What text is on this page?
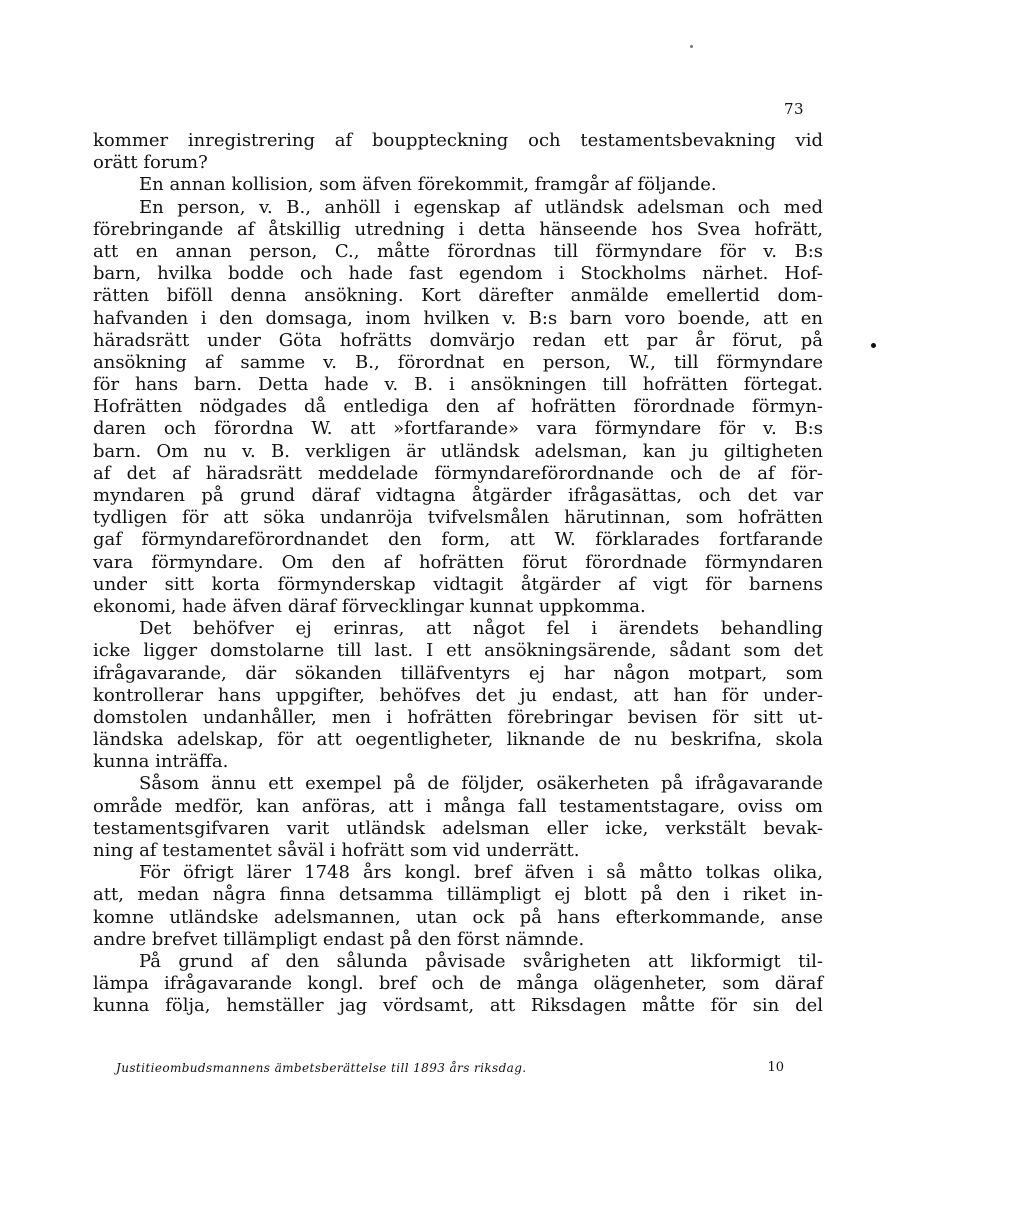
73
kommer inregistrering af bouppteckning och testamentsbevakning vid
orätt forum?
En annan kollision, som äfven förekommit, framgår af följande.
En person, v. B., anhöll i egenskap af utländsk adelsman och med
förebringande af åtskillig utredning i detta hänseende hos Svea hofrätt,
att en annan person, C., måtte förordnas till förmyndare för v. B:s
barn, hvilka bodde och hade fast egendom i Stockholms närhet. Hof-
rätten biföll denna ansökning. Kort därefter anmälde emellertid dom-
hafvanden i den domsaga, inom hvilken v. B:s barn voro boende, att en
häradsrätt under Göta hofrätts domvärjo redan ett par år förut, på
ansökning af samme v. B., förordnat en person, W., till förmyndare
för hans barn. Detta hade v. B. i ansökningen till hofrätten förtegat.
Hofrätten nödgades då entlediga den af hofrätten förordnade förmyn-
daren och förordna W. att »fortfarande» vara förmyndare för v. B:s
barn. Om nu v. B. verkligen är utländsk adelsman, kan ju giltigheten
af det af häradsrätt meddelade förmyndareförordnande och de af för-
myndaren på grund däraf vidtagna åtgärder ifrågasättas, och det var
tydligen för att söka undanröja tvifvelsmålen härutinnan, som hofrätten
gaf förmyndareförordnandet den form, att W. förklarades fortfarande
vara förmyndare. Om den af hofrätten förut förordnade förmyndaren
under sitt korta förmynderskap vidtagit åtgärder af vigt för barnens
ekonomi, hade äfven däraf förvecklingar kunnat uppkomma.
Det behöfver ej erinras, att något fel i ärendets behandling
icke ligger domstolarne till last. I ett ansökningsärende, sådant som det
ifrågavarande, där sökanden tilläfventyrs ej har någon motpart, som
kontrollerar hans uppgifter, behöfves det ju endast, att han för under-
domstolen undanhåller, men i hofrätten förebringar bevisen för sitt ut-
ländska adelskap, för att oegentligheter, liknande de nu beskrifna, skola
kunna inträffa.
Såsom ännu ett exempel på de följder, osäkerheten på ifrågavarande
område medför, kan anföras, att i många fall testamentstagare, oviss om
testamentsgifvaren varit utländsk adelsman eller icke, verkstält bevak-
ning af testamentet såväl i hofrätt som vid underrätt.
För öfrigt lärer 1748 års kongl. bref äfven i så måtto tolkas olika,
att, medan några finna detsamma tillämpligt ej blott på den i riket in-
komne utländske adelsmannen, utan ock på hans efterkommande, anse
andre brefvet tillämpligt endast på den först nämnde.
På grund af den sålunda påvisade svårigheten att likformigt til-
lämpa ifrågavarande kongl. bref och de många olägenheter, som däraf
kunna följa, hemställer jag vördsamt, att Riksdagen måtte för sin del
Justitieombudsmannens ämbetsberättelse till 1893 års riksdag.	10
